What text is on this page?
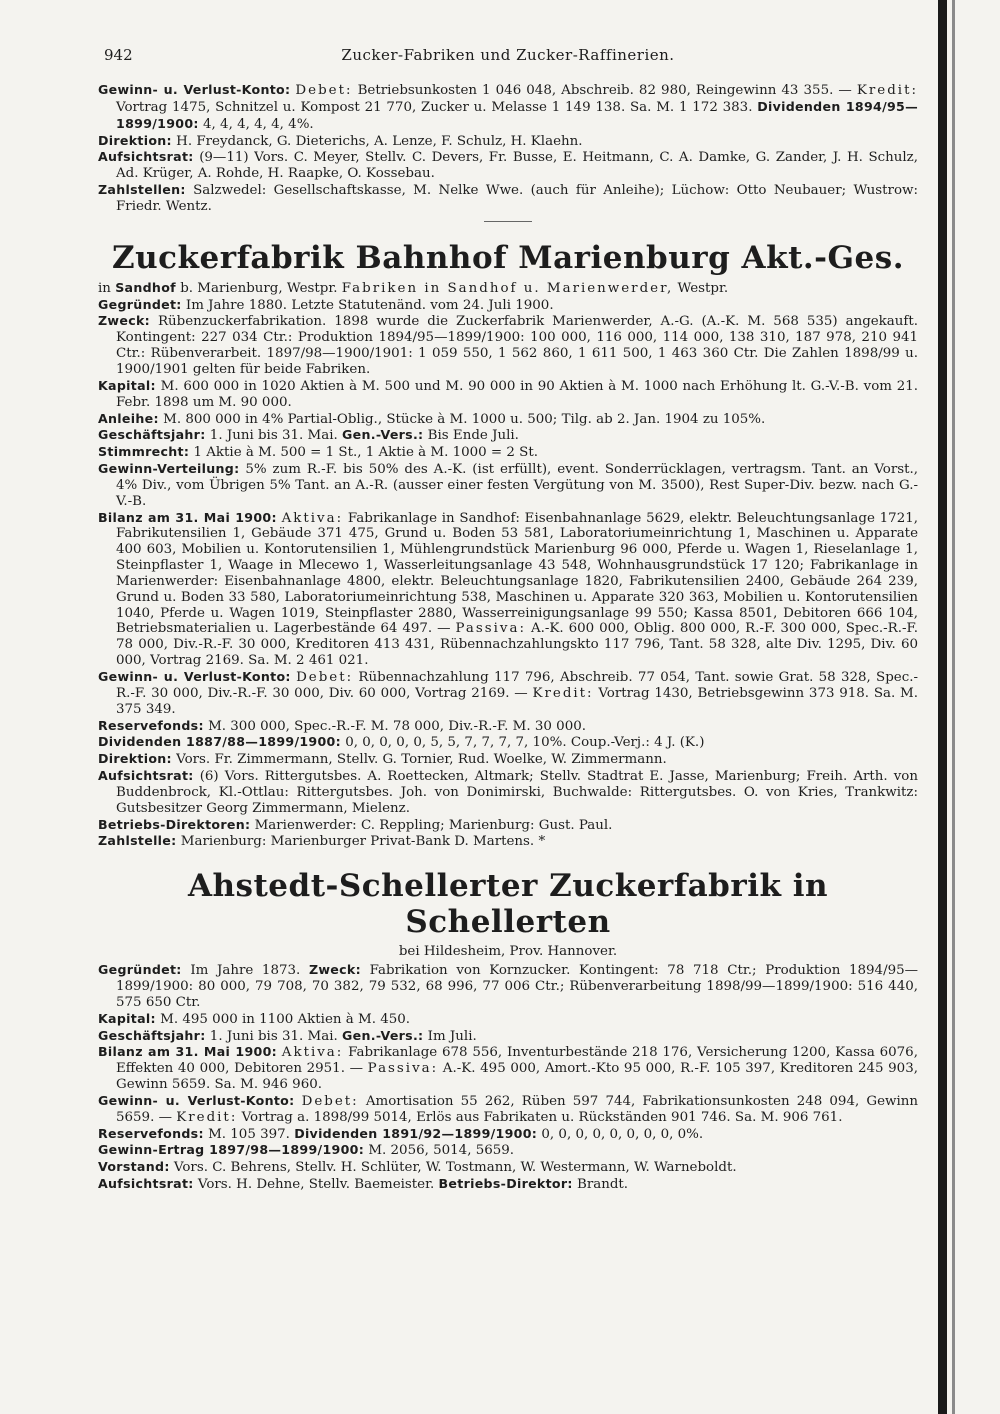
942	Zucker-Fabriken und Zucker-Raffinerien.

Gewinn- u. Verlust-Konto: Debet: Betriebsunkosten 1 046 048, Abschreib. 82 980, Reingewinn 43 355. — Kredit: Vortrag 1475, Schnitzel u. Kompost 21 770, Zucker u. Melasse 1 149 138. Sa. M. 1 172 383. Dividenden 1894/95—1899/1900: 4, 4, 4, 4, 4, 4%.

Direktion: H. Freydanck, G. Dieterichs, A. Lenze, F. Schulz, H. Klaehn.

Aufsichtsrat: (9—11) Vors. C. Meyer, Stellv. C. Devers, Fr. Busse, E. Heitmann, C. A. Damke, G. Zander, J. H. Schulz, Ad. Krüger, A. Rohde, H. Raapke, O. Kossebau.

Zahlstellen: Salzwedel: Gesellschaftskasse, M. Nelke Wwe. (auch für Anleihe); Lüchow: Otto Neubauer; Wustrow: Friedr. Wentz.

Zuckerfabrik Bahnhof Marienburg Akt.-Ges.

in Sandhof b. Marienburg, Westpr. Fabriken in Sandhof u. Marienwerder, Westpr.

Gegründet: Im Jahre 1880. Letzte Statutenänd. vom 24. Juli 1900.

Zweck: Rübenzuckerfabrikation. 1898 wurde die Zuckerfabrik Marienwerder, A.-G. (A.-K. M. 568 535) angekauft. Kontingent: 227 034 Ctr.: Produktion 1894/95—1899/1900: 100 000, 116 000, 114 000, 138 310, 187 978, 210 941 Ctr.: Rübenverarbeit. 1897/98—1900/1901: 1 059 550, 1 562 860, 1 611 500, 1 463 360 Ctr. Die Zahlen 1898/99 u. 1900/1901 gelten für beide Fabriken.

Kapital: M. 600 000 in 1020 Aktien à M. 500 und M. 90 000 in 90 Aktien à M. 1000 nach Erhöhung lt. G.-V.-B. vom 21. Febr. 1898 um M. 90 000.

Anleihe: M. 800 000 in 4% Partial-Oblig., Stücke à M. 1000 u. 500; Tilg. ab 2. Jan. 1904 zu 105%.

Geschäftsjahr: 1. Juni bis 31. Mai. Gen.-Vers.: Bis Ende Juli.

Stimmrecht: 1 Aktie à M. 500 = 1 St., 1 Aktie à M. 1000 = 2 St.

Gewinn-Verteilung: 5% zum R.-F. bis 50% des A.-K. (ist erfüllt), event. Sonderrücklagen, vertragsm. Tant. an Vorst., 4% Div., vom Übrigen 5% Tant. an A.-R. (ausser einer festen Vergütung von M. 3500), Rest Super-Div. bezw. nach G.-V.-B.

Bilanz am 31. Mai 1900: Aktiva: Fabrikanlage in Sandhof: Eisenbahnanlage 5629, elektr. Beleuchtungsanlage 1721, Fabrikutensilien 1, Gebäude 371 475, Grund u. Boden 53 581, Laboratoriumeinrichtung 1, Maschinen u. Apparate 400 603, Mobilien u. Kontorutensilien 1, Mühlengrundstück Marienburg 96 000, Pferde u. Wagen 1, Rieselanlage 1, Steinpflaster 1, Waage in Mlecewo 1, Wasserleitungsanlage 43 548, Wohnhausgrundstück 17 120; Fabrikanlage in Marienwerder: Eisenbahnanlage 4800, elektr. Beleuchtungsanlage 1820, Fabrikutensilien 2400, Gebäude 264 239, Grund u. Boden 33 580, Laboratoriumeinrichtung 538, Maschinen u. Apparate 320 363, Mobilien u. Kontorutensilien 1040, Pferde u. Wagen 1019, Steinpflaster 2880, Wasserreinigungsanlage 99 550; Kassa 8501, Debitoren 666 104, Betriebsmaterialien u. Lagerbestände 64 497. — Passiva: A.-K. 600 000, Oblig. 800 000, R.-F. 300 000, Spec.-R.-F. 78 000, Div.-R.-F. 30 000, Kreditoren 413 431, Rübennachzahlungskto 117 796, Tant. 58 328, alte Div. 1295, Div. 60 000, Vortrag 2169. Sa. M. 2 461 021.

Gewinn- u. Verlust-Konto: Debet: Rübennachzahlung 117 796, Abschreib. 77 054, Tant. sowie Grat. 58 328, Spec.-R.-F. 30 000, Div.-R.-F. 30 000, Div. 60 000, Vortrag 2169. — Kredit: Vortrag 1430, Betriebsgewinn 373 918. Sa. M. 375 349.

Reservefonds: M. 300 000, Spec.-R.-F. M. 78 000, Div.-R.-F. M. 30 000.

Dividenden 1887/88—1899/1900: 0, 0, 0, 0, 0, 5, 5, 7, 7, 7, 7, 10%. Coup.-Verj.: 4 J. (K.)

Direktion: Vors. Fr. Zimmermann, Stellv. G. Tornier, Rud. Woelke, W. Zimmermann.

Aufsichtsrat: (6) Vors. Rittergutsbes. A. Roettecken, Altmark; Stellv. Stadtrat E. Jasse, Marienburg; Freih. Arth. von Buddenbrock, Kl.-Ottlau: Rittergutsbes. Joh. von Donimirski, Buchwalde: Rittergutsbes. O. von Kries, Trankwitz: Gutsbesitzer Georg Zimmermann, Mielenz.

Betriebs-Direktoren: Marienwerder: C. Reppling; Marienburg: Gust. Paul.

Zahlstelle: Marienburg: Marienburger Privat-Bank D. Martens. *

Ahstedt-Schellerter Zuckerfabrik in Schellerten

bei Hildesheim, Prov. Hannover.

Gegründet: Im Jahre 1873. Zweck: Fabrikation von Kornzucker. Kontingent: 78 718 Ctr.; Produktion 1894/95—1899/1900: 80 000, 79 708, 70 382, 79 532, 68 996, 77 006 Ctr.; Rübenverarbeitung 1898/99—1899/1900: 516 440, 575 650 Ctr.

Kapital: M. 495 000 in 1100 Aktien à M. 450.

Geschäftsjahr: 1. Juni bis 31. Mai. Gen.-Vers.: Im Juli.

Bilanz am 31. Mai 1900: Aktiva: Fabrikanlage 678 556, Inventurbestände 218 176, Versicherung 1200, Kassa 6076, Effekten 40 000, Debitoren 2951. — Passiva: A.-K. 495 000, Amort.-Kto 95 000, R.-F. 105 397, Kreditoren 245 903, Gewinn 5659. Sa. M. 946 960.

Gewinn- u. Verlust-Konto: Debet: Amortisation 55 262, Rüben 597 744, Fabrikationsunkosten 248 094, Gewinn 5659. — Kredit: Vortrag a. 1898/99 5014, Erlös aus Fabrikaten u. Rückständen 901 746. Sa. M. 906 761.

Reservefonds: M. 105 397. Dividenden 1891/92—1899/1900: 0, 0, 0, 0, 0, 0, 0, 0, 0%.

Gewinn-Ertrag 1897/98—1899/1900: M. 2056, 5014, 5659.

Vorstand: Vors. C. Behrens, Stellv. H. Schlüter, W. Tostmann, W. Westermann, W. Warneboldt.

Aufsichtsrat: Vors. H. Dehne, Stellv. Baemeister. Betriebs-Direktor: Brandt.
